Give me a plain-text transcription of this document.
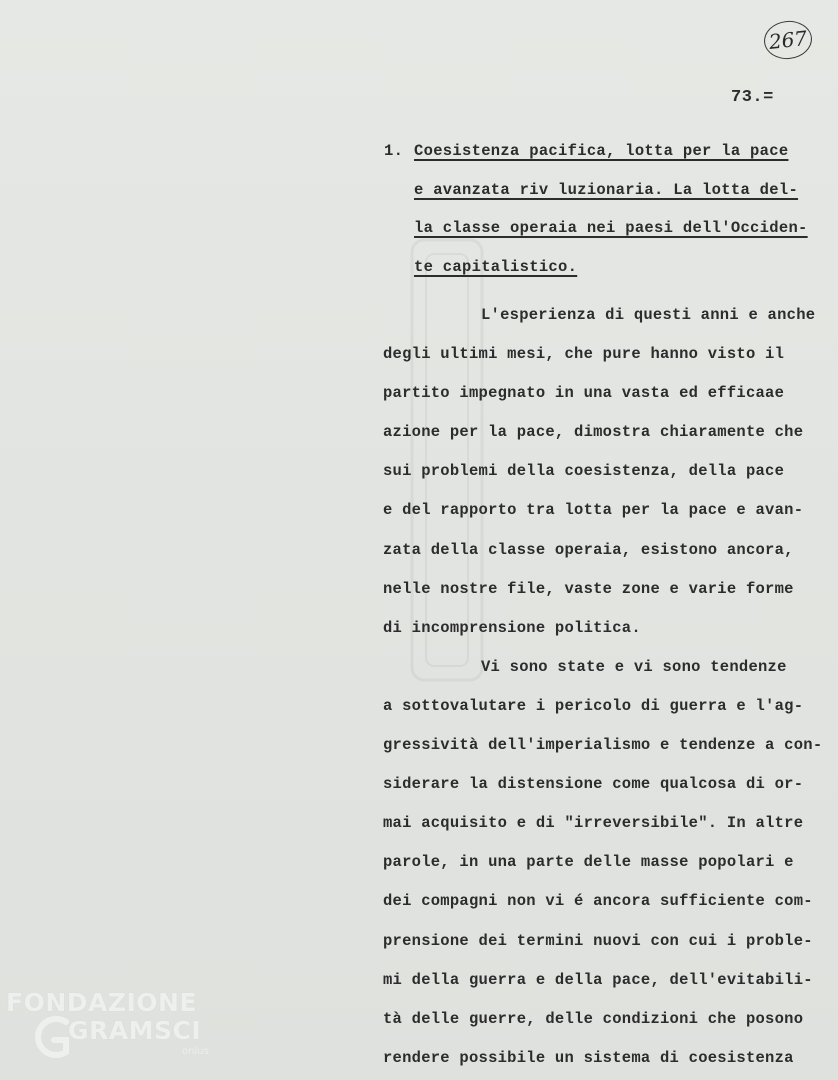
267
73.=
1. Coesistenza pacifica, lotta per la pace
e avanzata riv luzionaria. La lotta del-
la classe operaia nei paesi dell'Occiden-
te capitalistico.
L'esperienza di questi anni e anche
degli ultimi mesi, che pure hanno visto il
partito impegnato in una vasta ed efficaae
azione per la pace, dimostra chiaramente che
sui problemi della coesistenza, della pace
e del rapporto tra lotta per la pace e avan-
zata della classe operaia, esistono ancora,
nelle nostre file, vaste zone e varie forme
di incomprensione politica.
Vi sono state e vi sono tendenze
a sottovalutare i pericolo di guerra e l'ag-
gressività dell'imperialismo e tendenze a con-
siderare la distensione come qualcosa di or-
mai acquisito e di "irreversibile". In altre
parole, in una parte delle masse popolari e
dei compagni non vi é ancora sufficiente com-
prensione dei termini nuovi con cui i proble-
mi della guerra e della pace, dell'evitabili-
tà delle guerre, delle condizioni che posono
rendere possibile un sistema di coesistenza
FONDAZIONE
GRAMSCI
onlus
